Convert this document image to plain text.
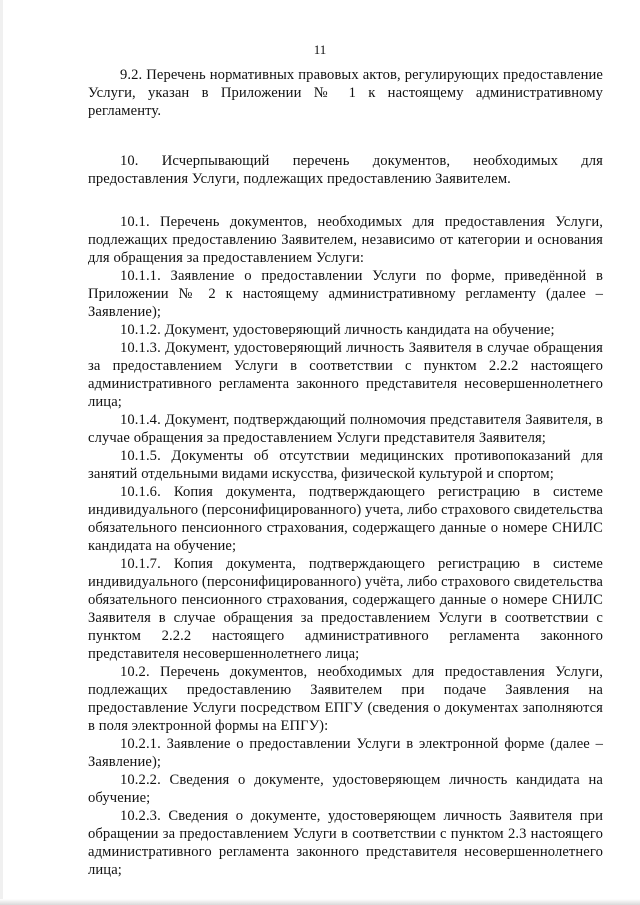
11

9.2. Перечень нормативных правовых актов, регулирующих предоставление Услуги, указан в Приложении № 1 к настоящему административному регламенту.

10. Исчерпывающий перечень документов, необходимых для предоставления Услуги, подлежащих предоставлению Заявителем.

10.1. Перечень документов, необходимых для предоставления Услуги, подлежащих предоставлению Заявителем, независимо от категории и основания для обращения за предоставлением Услуги:

10.1.1. Заявление о предоставлении Услуги по форме, приведённой в Приложении № 2 к настоящему административному регламенту (далее – Заявление);

10.1.2. Документ, удостоверяющий личность кандидата на обучение;

10.1.3. Документ, удостоверяющий личность Заявителя в случае обращения за предоставлением Услуги в соответствии с пунктом 2.2.2 настоящего административного регламента законного представителя несовершеннолетнего лица;

10.1.4. Документ, подтверждающий полномочия представителя Заявителя, в случае обращения за предоставлением Услуги представителя Заявителя;

10.1.5. Документы об отсутствии медицинских противопоказаний для занятий отдельными видами искусства, физической культурой и спортом;

10.1.6. Копия документа, подтверждающего регистрацию в системе индивидуального (персонифицированного) учета, либо страхового свидетельства обязательного пенсионного страхования, содержащего данные о номере СНИЛС кандидата на обучение;

10.1.7. Копия документа, подтверждающего регистрацию в системе индивидуального (персонифицированного) учёта, либо страхового свидетельства обязательного пенсионного страхования, содержащего данные о номере СНИЛС Заявителя в случае обращения за предоставлением Услуги в соответствии с пунктом 2.2.2 настоящего административного регламента законного представителя несовершеннолетнего лица;

10.2. Перечень документов, необходимых для предоставления Услуги, подлежащих предоставлению Заявителем при подаче Заявления на предоставление Услуги посредством ЕПГУ (сведения о документах заполняются в поля электронной формы на ЕПГУ):

10.2.1. Заявление о предоставлении Услуги в электронной форме (далее – Заявление);

10.2.2. Сведения о документе, удостоверяющем личность кандидата на обучение;

10.2.3. Сведения о документе, удостоверяющем личность Заявителя при обращении за предоставлением Услуги в соответствии с пунктом 2.3 настоящего административного регламента законного представителя несовершеннолетнего лица;
